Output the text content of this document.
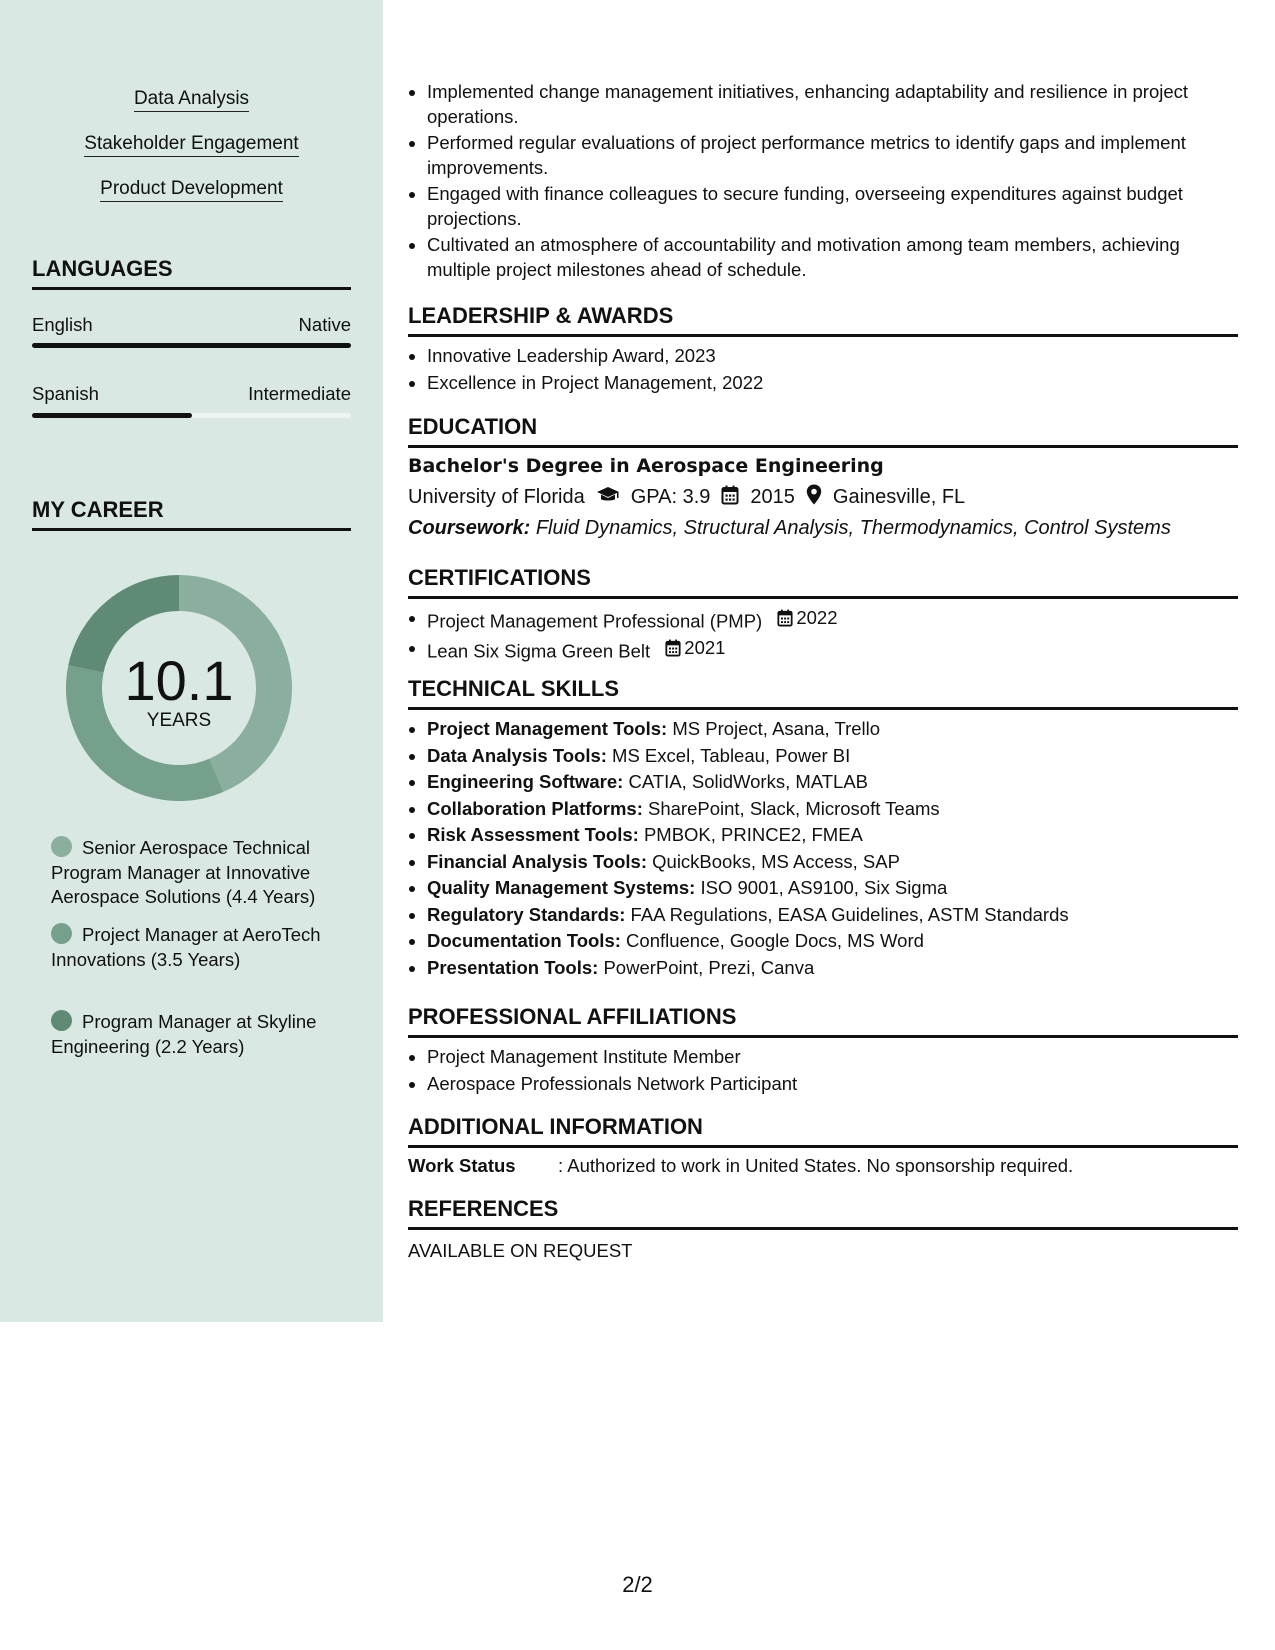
Data Analysis
Stakeholder Engagement
Product Development
LANGUAGES
English	Native
Spanish	Intermediate
MY CAREER
10.1
YEARS
Senior Aerospace Technical Program Manager at Innovative Aerospace Solutions (4.4 Years)
Project Manager at AeroTech Innovations (3.5 Years)
Program Manager at Skyline Engineering (2.2 Years)
Implemented change management initiatives, enhancing adaptability and resilience in project operations.
Performed regular evaluations of project performance metrics to identify gaps and implement improvements.
Engaged with finance colleagues to secure funding, overseeing expenditures against budget projections.
Cultivated an atmosphere of accountability and motivation among team members, achieving multiple project milestones ahead of schedule.
LEADERSHIP & AWARDS
Innovative Leadership Award, 2023
Excellence in Project Management, 2022
EDUCATION
Bachelor's Degree in Aerospace Engineering
University of Florida GPA: 3.9 2015 Gainesville, FL
Coursework: Fluid Dynamics, Structural Analysis, Thermodynamics, Control Systems
CERTIFICATIONS
Project Management Professional (PMP) 2022
Lean Six Sigma Green Belt 2021
TECHNICAL SKILLS
Project Management Tools: MS Project, Asana, Trello
Data Analysis Tools: MS Excel, Tableau, Power BI
Engineering Software: CATIA, SolidWorks, MATLAB
Collaboration Platforms: SharePoint, Slack, Microsoft Teams
Risk Assessment Tools: PMBOK, PRINCE2, FMEA
Financial Analysis Tools: QuickBooks, MS Access, SAP
Quality Management Systems: ISO 9001, AS9100, Six Sigma
Regulatory Standards: FAA Regulations, EASA Guidelines, ASTM Standards
Documentation Tools: Confluence, Google Docs, MS Word
Presentation Tools: PowerPoint, Prezi, Canva
PROFESSIONAL AFFILIATIONS
Project Management Institute Member
Aerospace Professionals Network Participant
ADDITIONAL INFORMATION
Work Status : Authorized to work in United States. No sponsorship required.
REFERENCES
AVAILABLE ON REQUEST
2/2
